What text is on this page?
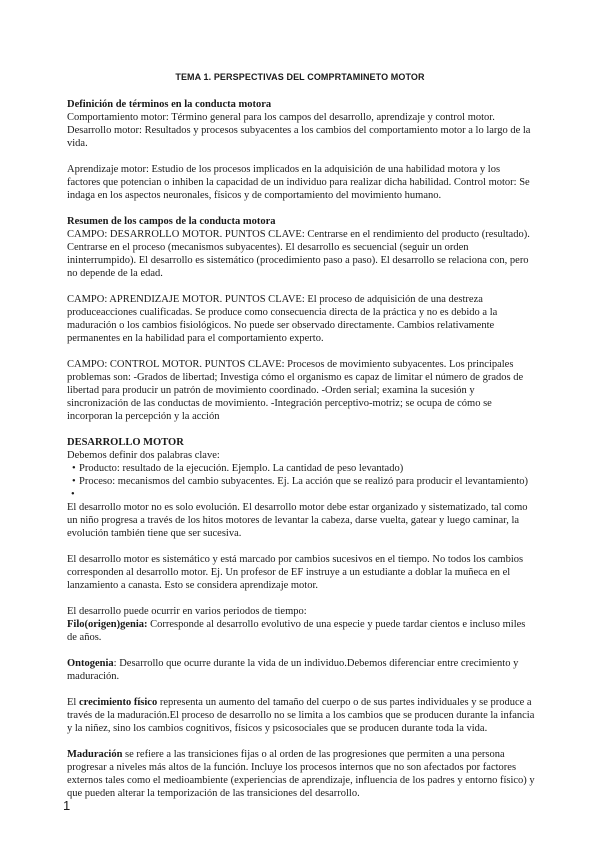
TEMA 1. PERSPECTIVAS DEL COMPRTAMINETO MOTOR

Definición de términos en la conducta motora

Comportamiento motor: Término general para los campos del desarrollo, aprendizaje y control motor. Desarrollo motor: Resultados y procesos subyacentes a los cambios del comportamiento motor a lo largo de la vida.

Aprendizaje motor: Estudio de los procesos implicados en la adquisición de una habilidad motora y los factores que potencian o inhiben la capacidad de un individuo para realizar dicha habilidad. Control motor: Se indaga en los aspectos neuronales, físicos y de comportamiento del movimiento humano.

Resumen de los campos de la conducta motora

CAMPO: DESARROLLO MOTOR. PUNTOS CLAVE: Centrarse en el rendimiento del producto (resultado). Centrarse en el proceso (mecanismos subyacentes). El desarrollo es secuencial (seguir un orden ininterrumpido). El desarrollo es sistemático (procedimiento paso a paso). El desarrollo se relaciona con, pero no depende de la edad.

CAMPO: APRENDIZAJE MOTOR. PUNTOS CLAVE: El proceso de adquisición de una destreza produceacciones cualificadas. Se produce como consecuencia directa de la práctica y no es debido a la maduración o los cambios fisiológicos. No puede ser observado directamente. Cambios relativamente permanentes en la habilidad para el comportamiento experto.

CAMPO: CONTROL MOTOR. PUNTOS CLAVE: Procesos de movimiento subyacentes. Los principales problemas son: -Grados de libertad; Investiga cómo el organismo es capaz de limitar el número de grados de libertad para producir un patrón de movimiento coordinado. -Orden serial; examina la sucesión y sincronización de las conductas de movimiento. -Integración perceptivo-motriz; se ocupa de cómo se incorporan la percepción y la acción

DESARROLLO MOTOR

Debemos definir dos palabras clave:

• Producto: resultado de la ejecución. Ejemplo. La cantidad de peso levantado)
• Proceso: mecanismos del cambio subyacentes. Ej. La acción que se realizó para producir el levantamiento)
•

El desarrollo motor no es solo evolución. El desarrollo motor debe estar organizado y sistematizado, tal como un niño progresa a través de los hitos motores de levantar la cabeza, darse vuelta, gatear y luego caminar, la evolución también tiene que ser sucesiva.

El desarrollo motor es sistemático y está marcado por cambios sucesivos en el tiempo. No todos los cambios corresponden al desarrollo motor. Ej. Un profesor de EF instruye a un estudiante a doblar la muñeca en el lanzamiento a canasta. Esto se considera aprendizaje motor.

El desarrollo puede ocurrir en varios periodos de tiempo:

Filo(origen)genia: Corresponde al desarrollo evolutivo de una especie y puede tardar cientos e incluso miles de años.

Ontogenia: Desarrollo que ocurre durante la vida de un individuo.Debemos diferenciar entre crecimiento y maduración.

El crecimiento físico representa un aumento del tamaño del cuerpo o de sus partes individuales y se produce a través de la maduración.El proceso de desarrollo no se limita a los cambios que se producen durante la infancia y la niñez, sino los cambios cognitivos, físicos y psicosociales que se producen durante toda la vida.

Maduración se refiere a las transiciones fijas o al orden de las progresiones que permiten a una persona progresar a niveles más altos de la función. Incluye los procesos internos que no son afectados por factores externos tales como el medioambiente (experiencias de aprendizaje, influencia de los padres y entorno físico) y que pueden alterar la temporización de las transiciones del desarrollo.

1
